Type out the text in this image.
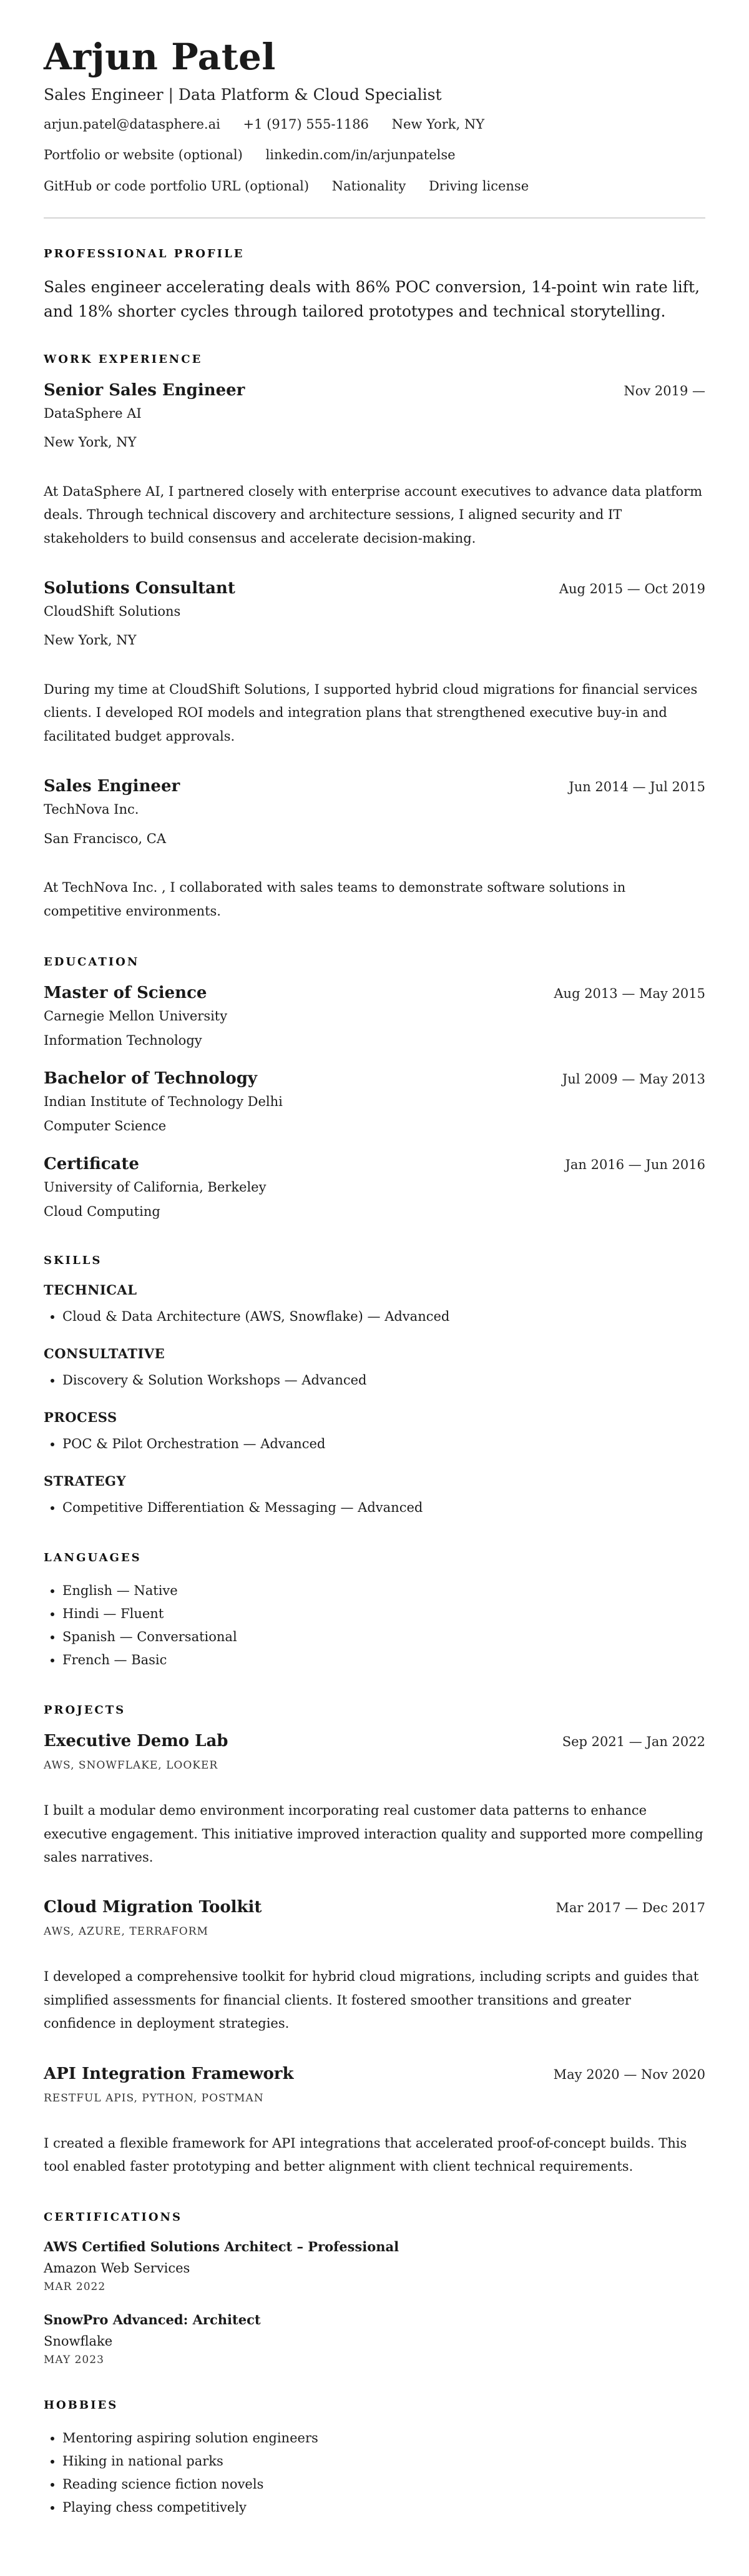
Arjun Patel
Sales Engineer | Data Platform & Cloud Specialist
arjun.patel@datasphere.ai +1 (917) 555-1186 New York, NY
Portfolio or website (optional) linkedin.com/in/arjunpatelse
GitHub or code portfolio URL (optional) Nationality Driving license
PROFESSIONAL PROFILE

Sales engineer accelerating deals with 86% POC conversion, 14-point win rate lift, and 18% shorter cycles through tailored prototypes and technical storytelling.

WORK EXPERIENCE
Senior Sales Engineer	Nov 2019 —
DataSphere AI
New York, NY

At DataSphere AI, I partnered closely with enterprise account executives to advance data platform deals. Through technical discovery and architecture sessions, I aligned security and IT stakeholders to build consensus and accelerate decision-making.

Solutions Consultant	Aug 2015 — Oct 2019
CloudShift Solutions
New York, NY

During my time at CloudShift Solutions, I supported hybrid cloud migrations for financial services clients. I developed ROI models and integration plans that strengthened executive buy-in and facilitated budget approvals.

Sales Engineer	Jun 2014 — Jul 2015
TechNova Inc.
San Francisco, CA

At TechNova Inc. , I collaborated with sales teams to demonstrate software solutions in competitive environments.

EDUCATION
Master of Science	Aug 2013 — May 2015
Carnegie Mellon University
Information Technology
Bachelor of Technology	Jul 2009 — May 2013
Indian Institute of Technology Delhi
Computer Science
Certificate	Jan 2016 — Jun 2016
University of California, Berkeley
Cloud Computing
SKILLS
TECHNICAL
• Cloud & Data Architecture (AWS, Snowflake) — Advanced
CONSULTATIVE
• Discovery & Solution Workshops — Advanced
PROCESS
• POC & Pilot Orchestration — Advanced
STRATEGY
• Competitive Differentiation & Messaging — Advanced
LANGUAGES
• English — Native
• Hindi — Fluent
• Spanish — Conversational
• French — Basic
PROJECTS
Executive Demo Lab	Sep 2021 — Jan 2022
AWS, SNOWFLAKE, LOOKER

I built a modular demo environment incorporating real customer data patterns to enhance executive engagement. This initiative improved interaction quality and supported more compelling sales narratives.

Cloud Migration Toolkit	Mar 2017 — Dec 2017
AWS, AZURE, TERRAFORM

I developed a comprehensive toolkit for hybrid cloud migrations, including scripts and guides that simplified assessments for financial clients. It fostered smoother transitions and greater confidence in deployment strategies.

API Integration Framework	May 2020 — Nov 2020
RESTFUL APIS, PYTHON, POSTMAN

I created a flexible framework for API integrations that accelerated proof-of-concept builds. This tool enabled faster prototyping and better alignment with client technical requirements.

CERTIFICATIONS
AWS Certified Solutions Architect – Professional
Amazon Web Services
MAR 2022
SnowPro Advanced: Architect
Snowflake
MAY 2023
HOBBIES
• Mentoring aspiring solution engineers
• Hiking in national parks
• Reading science fiction novels
• Playing chess competitively
